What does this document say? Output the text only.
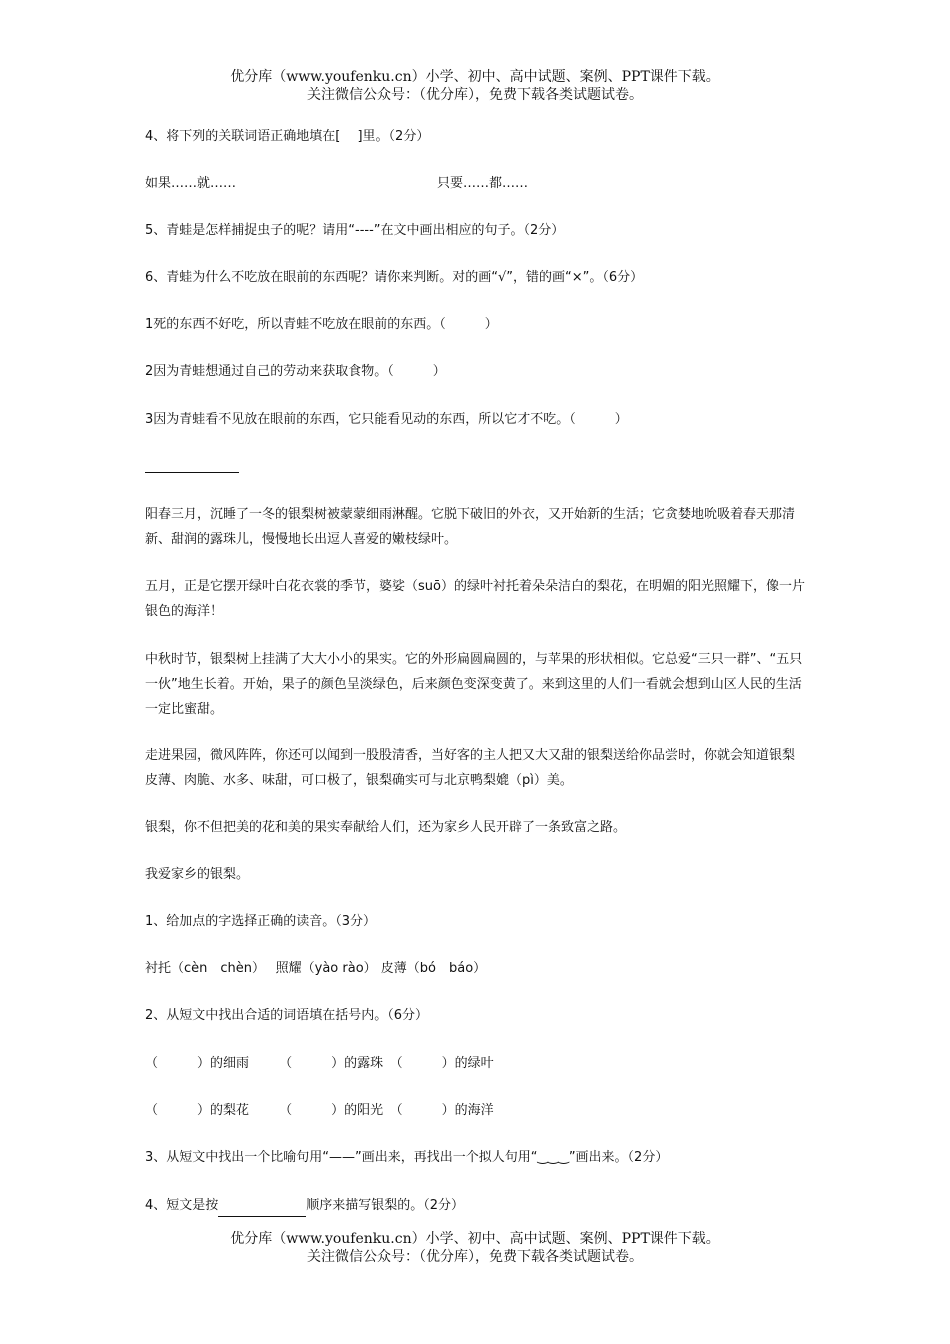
优分库（www.youfenku.cn）小学、初中、高中试题、案例、PPT课件下载。
关注微信公众号：（优分库），免费下载各类试题试卷。
4、将下列的关联词语正确地填在[　 ]里。（2分）
如果……就……	只要……都……
5、青蛙是怎样捕捉虫子的呢？请用“----”在文中画出相应的句子。（2分）
6、青蛙为什么不吃放在眼前的东西呢？请你来判断。对的画“√”，错的画“×”。（6分）
1死的东西不好吃，所以青蛙不吃放在眼前的东西。（　　　）
2因为青蛙想通过自己的劳动来获取食物。（　　　）
3因为青蛙看不见放在眼前的东西，它只能看见动的东西，所以它才不吃。（　　　）
阳春三月，沉睡了一冬的银梨树被蒙蒙细雨淋醒。它脱下破旧的外衣，又开始新的生活；它贪婪地吮吸着春天那清新、甜润的露珠儿，慢慢地长出逗人喜爱的嫩枝绿叶。
五月，正是它摆开绿叶白花衣裳的季节，婆娑（suō）的绿叶衬托着朵朵洁白的梨花，在明媚的阳光照耀下，像一片银色的海洋！
中秋时节，银梨树上挂满了大大小小的果实。它的外形扁圆扁圆的，与苹果的形状相似。它总爱“三只一群”、“五只一伙”地生长着。开始，果子的颜色呈淡绿色，后来颜色变深变黄了。来到这里的人们一看就会想到山区人民的生活一定比蜜甜。
走进果园，微风阵阵，你还可以闻到一股股清香，当好客的主人把又大又甜的银梨送给你品尝时，你就会知道银梨皮薄、肉脆、水多、味甜，可口极了，银梨确实可与北京鸭梨媲（pì）美。
银梨，你不但把美的花和美的果实奉献给人们，还为家乡人民开辟了一条致富之路。
我爱家乡的银梨。
1、给加点的字选择正确的读音。（3分）
衬托（cèn　chèn）　 照耀（yào rào） 皮薄（bó　báo）
2、从短文中找出合适的词语填在括号内。（6分）
（　　　）的细雨　　 （　　　）的露珠　（　　　）的绿叶
（　　　）的梨花　　 （　　　）的阳光　（　　　）的海洋
3、从短文中找出一个比喻句用“——”画出来，再找出一个拟人句用“‿‿‿”画出来。（2分）
4、短文是按	顺序来描写银梨的。（2分）
优分库（www.youfenku.cn）小学、初中、高中试题、案例、PPT课件下载。
关注微信公众号：（优分库），免费下载各类试题试卷。
